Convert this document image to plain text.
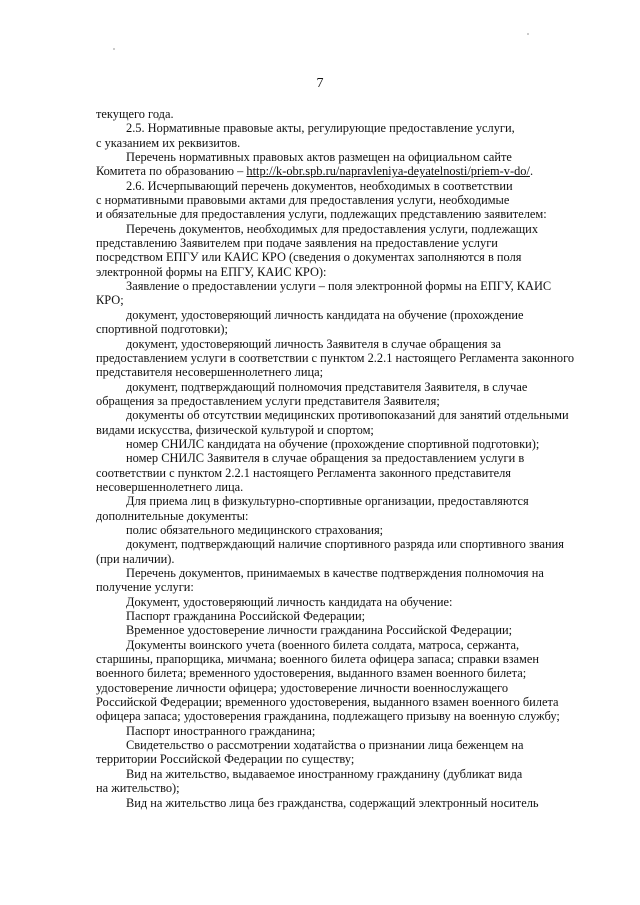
7
текущего года.
2.5. Нормативные правовые акты, регулирующие предоставление услуги,
с указанием их реквизитов.
Перечень нормативных правовых актов размещен на официальном сайте
Комитета по образованию – http://k-obr.spb.ru/napravleniya-deyatelnosti/priem-v-do/ .
2.6. Исчерпывающий перечень документов, необходимых в соответствии
с нормативными правовыми актами для предоставления услуги, необходимые
и обязательные для предоставления услуги, подлежащих представлению заявителем:
Перечень документов, необходимых для предоставления услуги, подлежащих
представлению Заявителем при подаче заявления на предоставление услуги
посредством ЕПГУ или КАИС КРО (сведения о документах заполняются в поля
электронной формы на ЕПГУ, КАИС КРО):
Заявление о предоставлении услуги – поля электронной формы на ЕПГУ, КАИС
КРО;
документ, удостоверяющий личность кандидата на обучение (прохождение
спортивной подготовки);
документ, удостоверяющий личность Заявителя в случае обращения за
предоставлением услуги в соответствии с пунктом 2.2.1 настоящего Регламента законного
представителя несовершеннолетнего лица;
документ, подтверждающий полномочия представителя Заявителя, в случае
обращения за предоставлением услуги представителя Заявителя;
документы об отсутствии медицинских противопоказаний для занятий отдельными
видами искусства, физической культурой и спортом;
номер СНИЛС кандидата на обучение (прохождение спортивной подготовки);
номер СНИЛС Заявителя в случае обращения за предоставлением услуги в
соответствии с пунктом 2.2.1 настоящего Регламента законного представителя
несовершеннолетнего лица.
Для приема лиц в физкультурно-спортивные организации, предоставляются
дополнительные документы:
полис обязательного медицинского страхования;
документ, подтверждающий наличие спортивного разряда или спортивного звания
(при наличии).
Перечень документов, принимаемых в качестве подтверждения полномочия на
получение услуги:
Документ, удостоверяющий личность кандидата на обучение:
Паспорт гражданина Российской Федерации;
Временное удостоверение личности гражданина Российской Федерации;
Документы воинского учета (военного билета солдата, матроса, сержанта,
старшины, прапорщика, мичмана; военного билета офицера запаса; справки взамен
военного билета; временного удостоверения, выданного взамен военного билета;
удостоверение личности офицера; удостоверение личности военнослужащего
Российской Федерации; временного удостоверения, выданного взамен военного билета
офицера запаса; удостоверения гражданина, подлежащего призыву на военную службу;
Паспорт иностранного гражданина;
Свидетельство о рассмотрении ходатайства о признании лица беженцем на
территории Российской Федерации по существу;
Вид на жительство, выдаваемое иностранному гражданину (дубликат вида
на жительство);
Вид на жительство лица без гражданства, содержащий электронный носитель
